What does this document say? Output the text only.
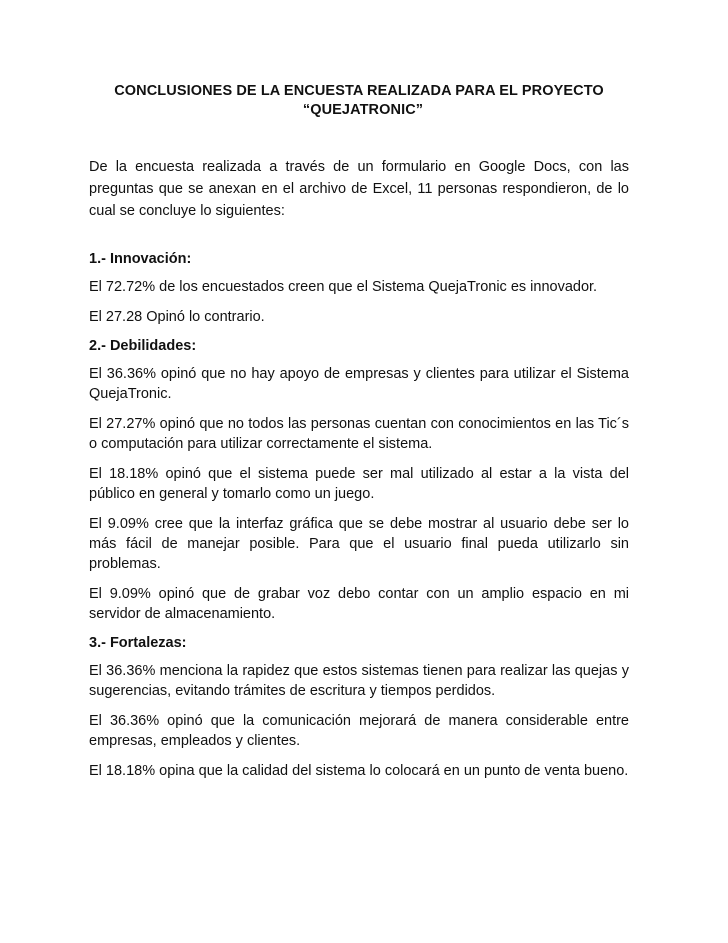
CONCLUSIONES DE LA ENCUESTA REALIZADA PARA EL PROYECTO
“QUEJATRONIC”

De la encuesta realizada a través de un formulario en Google Docs, con las preguntas que se anexan en el archivo de Excel, 11 personas respondieron, de lo cual se concluye lo siguientes:

1.- Innovación:

El 72.72% de los encuestados creen que el Sistema QuejaTronic es innovador.

El 27.28 Opinó lo contrario.

2.- Debilidades:

El 36.36% opinó que no hay apoyo de empresas y clientes para utilizar el Sistema QuejaTronic.

El 27.27% opinó que no todos las personas cuentan con conocimientos en las Tic´s o computación para utilizar correctamente el sistema.

El 18.18% opinó que el sistema puede ser mal utilizado al estar a la vista del público en general y tomarlo como un juego.

El 9.09% cree que la interfaz gráfica que se debe mostrar al usuario debe ser lo más fácil de manejar posible. Para que el usuario final pueda utilizarlo sin problemas.

El 9.09% opinó que de grabar voz debo contar con un amplio espacio en mi servidor de almacenamiento.

3.- Fortalezas:

El 36.36% menciona la rapidez que estos sistemas tienen para realizar las quejas y sugerencias, evitando trámites de escritura y tiempos perdidos.

El 36.36% opinó que la comunicación mejorará de manera considerable entre empresas, empleados y clientes.

El 18.18% opina que la calidad del sistema lo colocará en un punto de venta bueno.
